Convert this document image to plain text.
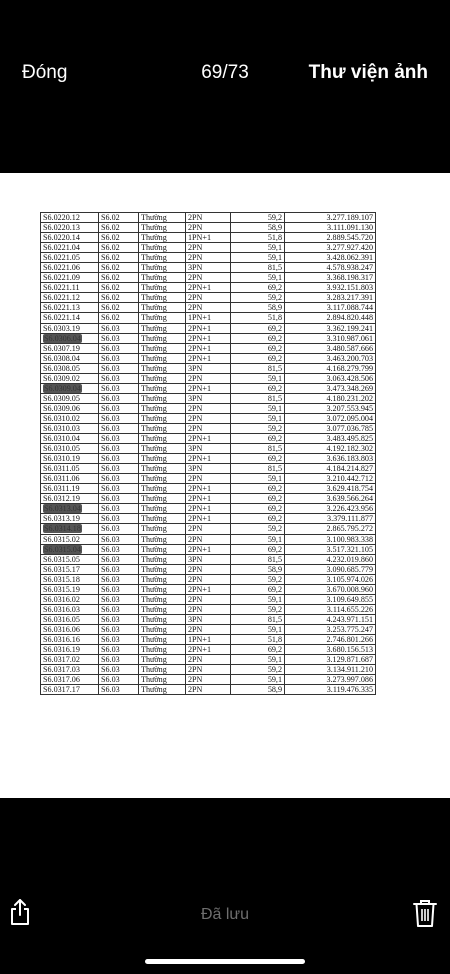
Đóng	69/73	Thư viện ảnh
S6.0220.12	S6.02	Thường	2PN	59,2	3.277.189.107
S6.0220.13	S6.02	Thường	2PN	58,9	3.111.091.130
S6.0220.14	S6.02	Thường	1PN+1	51,8	2.889.545.720
S6.0221.04	S6.02	Thường	2PN	59,1	3.277.927.420
S6.0221.05	S6.02	Thường	2PN	59,1	3.428.062.391
S6.0221.06	S6.02	Thường	3PN	81,5	4.578.938.247
S6.0221.09	S6.02	Thường	2PN	59,1	3.368.198.317
S6.0221.11	S6.02	Thường	2PN+1	69,2	3.932.151.803
S6.0221.12	S6.02	Thường	2PN	59,2	3.283.217.391
S6.0221.13	S6.02	Thường	2PN	58,9	3.117.088.744
S6.0221.14	S6.02	Thường	1PN+1	51,8	2.894.820.448
S6.0303.19	S6.03	Thường	2PN+1	69,2	3.362.199.241
S6.0306.04	S6.03	Thường	2PN+1	69,2	3.310.987.061
S6.0307.19	S6.03	Thường	2PN+1	69,2	3.480.587.666
S6.0308.04	S6.03	Thường	2PN+1	69,2	3.463.200.703
S6.0308.05	S6.03	Thường	3PN	81,5	4.168.279.799
S6.0309.02	S6.03	Thường	2PN	59,1	3.063.428.506
S6.0309.04	S6.03	Thường	2PN+1	69,2	3.473.348.269
S6.0309.05	S6.03	Thường	3PN	81,5	4.180.231.202
S6.0309.06	S6.03	Thường	2PN	59,1	3.207.553.945
S6.0310.02	S6.03	Thường	2PN	59,1	3.072.095.004
S6.0310.03	S6.03	Thường	2PN	59,2	3.077.036.785
S6.0310.04	S6.03	Thường	2PN+1	69,2	3.483.495.825
S6.0310.05	S6.03	Thường	3PN	81,5	4.192.182.302
S6.0310.19	S6.03	Thường	2PN+1	69,2	3.636.183.803
S6.0311.05	S6.03	Thường	3PN	81,5	4.184.214.827
S6.0311.06	S6.03	Thường	2PN	59,1	3.210.442.712
S6.0311.19	S6.03	Thường	2PN+1	69,2	3.629.418.754
S6.0312.19	S6.03	Thường	2PN+1	69,2	3.639.566.264
S6.0313.04	S6.03	Thường	2PN+1	69,2	3.226.423.956
S6.0313.19	S6.03	Thường	2PN+1	69,2	3.379.111.877
S6.0314.18	S6.03	Thường	2PN	59,2	2.865.795.272
S6.0315.02	S6.03	Thường	2PN	59,1	3.100.983.338
S6.0315.04	S6.03	Thường	2PN+1	69,2	3.517.321.105
S6.0315.05	S6.03	Thường	3PN	81,5	4.232.019.860
S6.0315.17	S6.03	Thường	2PN	58,9	3.090.685.779
S6.0315.18	S6.03	Thường	2PN	59,2	3.105.974.026
S6.0315.19	S6.03	Thường	2PN+1	69,2	3.670.008.960
S6.0316.02	S6.03	Thường	2PN	59,1	3.109.649.855
S6.0316.03	S6.03	Thường	2PN	59,2	3.114.655.226
S6.0316.05	S6.03	Thường	3PN	81,5	4.243.971.151
S6.0316.06	S6.03	Thường	2PN	59,1	3.253.775.247
S6.0316.16	S6.03	Thường	1PN+1	51,8	2.746.801.266
S6.0316.19	S6.03	Thường	2PN+1	69,2	3.680.156.513
S6.0317.02	S6.03	Thường	2PN	59,1	3.129.871.687
S6.0317.03	S6.03	Thường	2PN	59,2	3.134.911.210
S6.0317.06	S6.03	Thường	2PN	59,1	3.273.997.086
S6.0317.17	S6.03	Thường	2PN	58,9	3.119.476.335
Đã lưu
